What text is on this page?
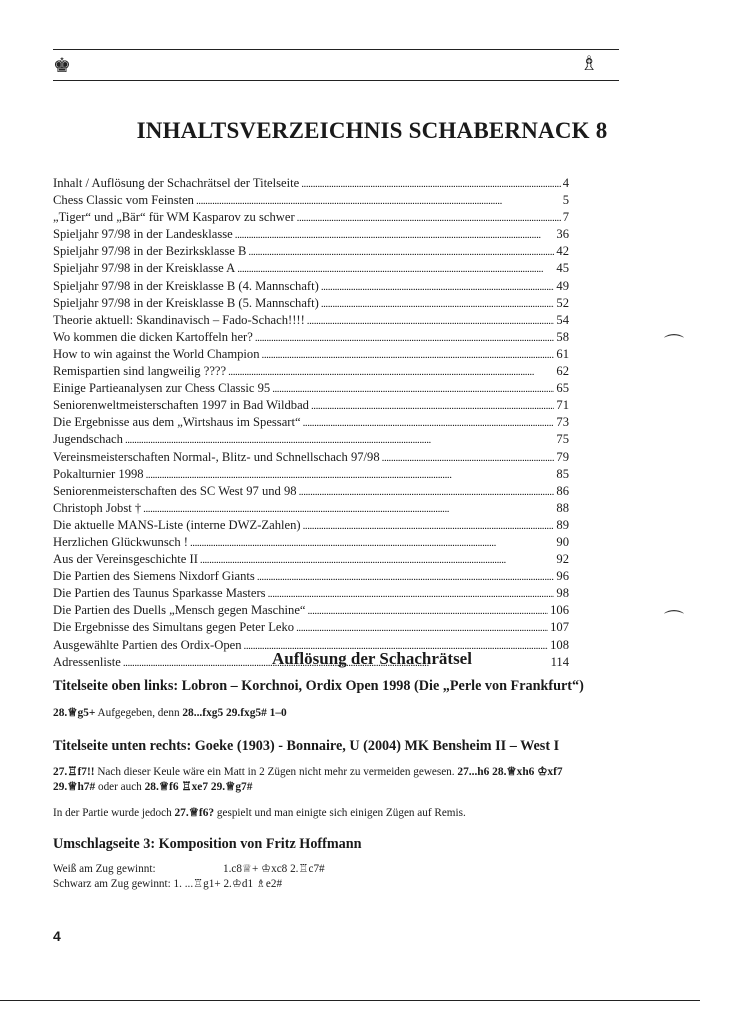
♚	♗
INHALTSVERZEICHNIS SCHABERNACK 8
Inhalt / Auflösung der Schachrätsel der Titelseite . . .	4
Chess Classic vom Feinsten . . .	5
„Tiger“ und „Bär“ für WM Kasparov zu schwer . . .	7
Spieljahr 97/98 in der Landesklasse . . .	36
Spieljahr 97/98 in der Bezirksklasse B . . .	42
Spieljahr 97/98 in der Kreisklasse A . . .	45
Spieljahr 97/98 in der Kreisklasse B (4. Mannschaft) . . .	49
Spieljahr 97/98 in der Kreisklasse B (5. Mannschaft) . . .	52
Theorie aktuell: Skandinavisch – Fado-Schach!!!! . . .	54
Wo kommen die dicken Kartoffeln her? . . .	58
How to win against the World Champion . . .	61
Remispartien sind langweilig ???? . . .	62
Einige Partieanalysen zur Chess Classic 95 . . .	65
Seniorenweltmeisterschaften 1997 in Bad Wildbad . . .	71
Die Ergebnisse aus dem „Wirtshaus im Spessart“ . . .	73
Jugendschach . . .	75
Vereinsmeisterschaften Normal-, Blitz- und Schnellschach 97/98 . . .	79
Pokalturnier 1998 . . .	85
Seniorenmeisterschaften des SC West 97 und 98 . . .	86
Christoph Jobst † . . .	88
Die aktuelle MANS-Liste (interne DWZ-Zahlen) . . .	89
Herzlichen Glückwunsch ! . . .	90
Aus der Vereinsgeschichte II . . .	92
Die Partien des Siemens Nixdorf Giants . . .	96
Die Partien des Taunus Sparkasse Masters . . .	98
Die Partien des Duells „Mensch gegen Maschine“ . . .	106
Die Ergebnisse des Simultans gegen Peter Leko . . .	107
Ausgewählte Partien des Ordix-Open . . .	108
Adressenliste . . .	114
Auflösung der Schachrätsel
Titelseite oben links: Lobron – Korchnoi, Ordix Open 1998 (Die „Perle von Frankfurt“)
28.♕g5+ Aufgegeben, denn 28...fxg5 29.fxg5# 1–0
Titelseite unten rechts: Goeke (1903) - Bonnaire, U (2004) MK Bensheim II – West I
27.♖f7!! Nach dieser Keule wäre ein Matt in 2 Zügen nicht mehr zu vermeiden gewesen. 27...h6 28.♕xh6 ♔xf7
29.♕h7# oder auch 28.♕f6 ♖xe7 29.♕g7#
In der Partie wurde jedoch 27.♕f6? gespielt und man einigte sich einigen Zügen auf Remis.
Umschlagseite 3: Komposition von Fritz Hoffmann
Weiß am Zug gewinnt:	1.c8♕+ ♔xc8 2.♖c7#
Schwarz am Zug gewinnt: 1. ...♖g1+ 2.♔d1 ♗e2#
4
⌒
⌒
